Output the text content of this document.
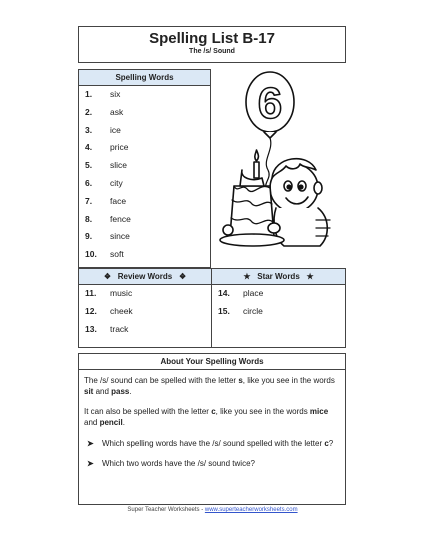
Spelling List B-17
The /s/ Sound
Spelling Words
1. six
2. ask
3. ice
4. price
5. slice
6. city
7. face
8. fence
9. since
10. soft
6
❖ Review Words ❖
11. music
12. cheek
13. track
★ Star Words ★
14. place
15. circle
About Your Spelling Words
The /s/ sound can be spelled with the letter s, like you see in the words sit and pass.
It can also be spelled with the letter c, like you see in the words mice and pencil.
➤ Which spelling words have the /s/ sound spelled with the letter c?
➤ Which two words have the /s/ sound twice?
Super Teacher Worksheets - www.superteacherworksheets.com
